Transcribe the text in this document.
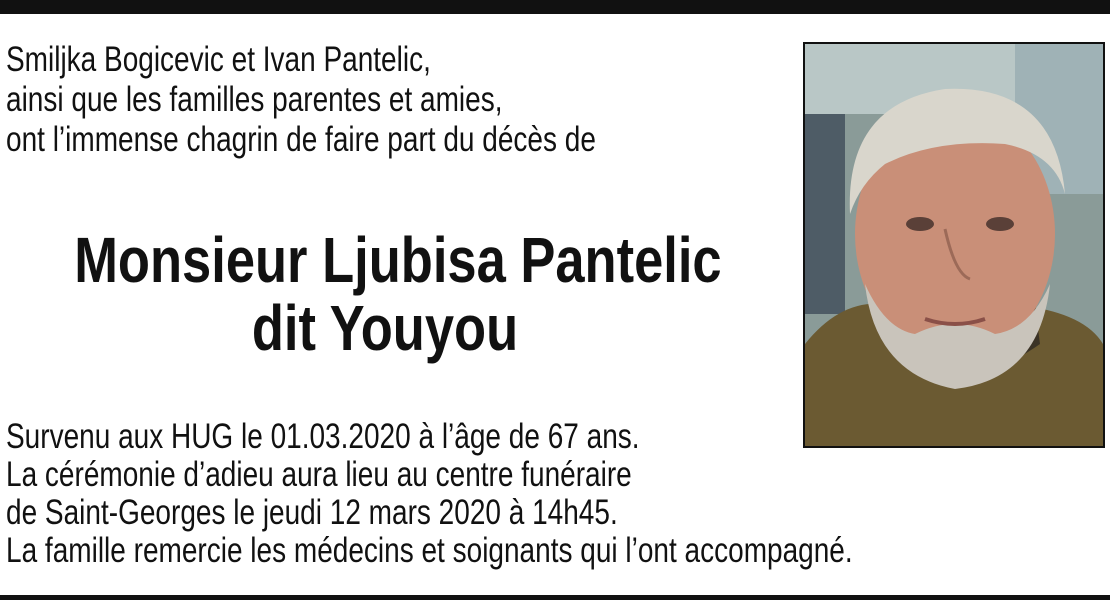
Smiljka Bogicevic et Ivan Pantelic,
ainsi que les familles parentes et amies,
ont l’immense chagrin de faire part du décès de
Monsieur Ljubisa Pantelic
dit Youyou
Survenu aux HUG le 01.03.2020 à l’âge de 67 ans.
La cérémonie d’adieu aura lieu au centre funéraire
de Saint-Georges le jeudi 12 mars 2020 à 14h45.
La famille remercie les médecins et soignants qui l’ont accompagné.
